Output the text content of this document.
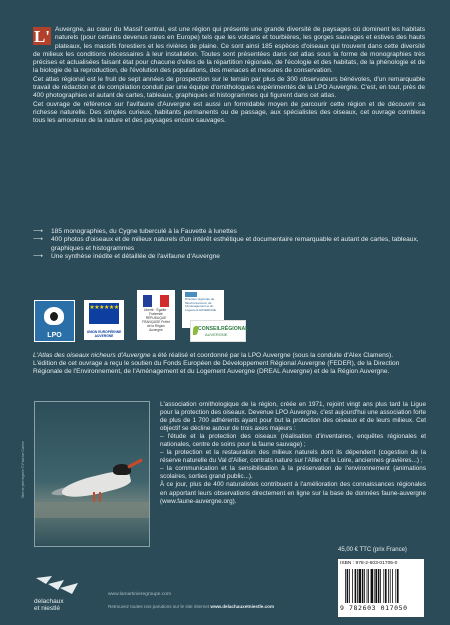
L' Auvergne, au cœur du Massif central, est une région qui présente une grande diversité de paysages où dominent les habitats naturels (pour certains devenus rares en Europe) tels que les volcans et tourbières, les gorges sauvages et estives des hauts plateaux, les massifs forestiers et les rivières de plaine. Ce sont ainsi 185 espèces d'oiseaux qui trouvent dans cette diversité de milieux les conditions nécessaires à leur installation. Toutes sont présentées dans cet atlas sous la forme de monographies très précises et actualisées faisant état pour chacune d'elles de la répartition régionale, de l'écologie et des habitats, de la phénologie et de la biologie de la reproduction, de l'évolution des populations, des menaces et mesures de conservation.

Cet atlas régional est le fruit de sept années de prospection sur le terrain par plus de 300 observateurs bénévoles, d'un remarquable travail de rédaction et de compilation conduit par une équipe d'ornithologues expérimentés de la LPO Auvergne. C'est, en tout, près de 400 photographies et autant de cartes, tableaux, graphiques et histogrammes qui figurent dans cet atlas.

Cet ouvrage de référence sur l'avifaune d'Auvergne est aussi un formidable moyen de parcourir cette région et de découvrir sa richesse naturelle. Des simples curieux, habitants permanents ou de passage, aux spécialistes des oiseaux, cet ouvrage comblera tous les amoureux de la nature et des paysages encore sauvages.

⟶ 185 monographies, du Cygne tuberculé à la Fauvette à lunettes
⟶ 400 photos d'oiseaux et de milieux naturels d'un intérêt esthétique et documentaire remarquable et autant de cartes, tableaux, graphiques et histogrammes
⟶ Une synthèse inédite et détaillée de l'avifaune d'Auvergne
LPO
★★★★★★
UNION EUROPÉENNE AUVERGNE
Liberté · Égalité · Fraternité RÉPUBLIQUE FRANÇAISE Préfet de la Région Auvergne
Direction régionale de l'Environnement, de l'Aménagement et du Logement AUVERGNE
CONSEILRÉGIONAL
AUVERGNE

L'Atlas des oiseaux nicheurs d'Auvergne a été réalisé et coordonné par la LPO Auvergne (sous la conduite d'Alex Clamens).

L'édition de cet ouvrage a reçu le soutien du Fonds Européen de Développement Régional Auvergne (FEDER), de la Direction Régionale de l'Environnement, de l'Aménagement et du Logement Auvergne (DREAL Auvergne) et de la Région Auvergne.

Sterne pierregarin © Fabrice Cahez

L'association ornithologique de la région, créée en 1971, rejoint vingt ans plus tard la Ligue pour la protection des oiseaux. Devenue LPO Auvergne, c'est aujourd'hui une association forte de plus de 1 700 adhérents ayant pour but la protection des oiseaux et de leurs milieux. Cet objectif se décline autour de trois axes majeurs :

– l'étude et la protection des oiseaux (réalisation d'inventaires, enquêtes régionales et nationales, centre de soins pour la faune sauvage) ;

– la protection et la restauration des milieux naturels dont ils dépendent (cogestion de la réserve naturelle du Val d'Allier, contrats nature sur l'Allier et la Loire, anciennes gravières...) ;

– la communication et la sensibilisation à la préservation de l'environnement (animations scolaires, sorties grand public...).

À ce jour, plus de 400 naturalistes contribuent à l'amélioration des connaissances régionales en apportant leurs observations directement en ligne sur la base de données faune-auvergne (www.faune-auvergne.org).

45,00 € TTC (prix France)
ISBN : 978-2-603-01705-0
9 782603 017050
delachaux
et niestlé
www.lamartinieregroupe.com
Retrouvez toutes nos parutions sur le site internet www.delachauxetniestle.com
